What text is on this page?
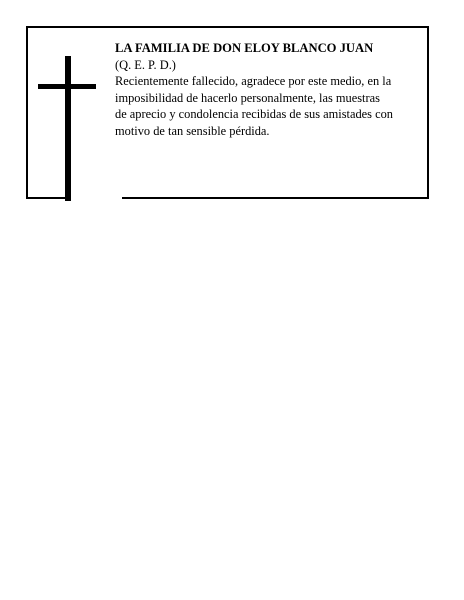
LA FAMILIA DE DON ELOY BLANCO JUAN

(Q. E. P. D.)

Recientemente fallecido, agradece por este medio, en la
imposibilidad de hacerlo personalmente, las muestras
de aprecio y condolencia recibidas de sus amistades con
motivo de tan sensible pérdida.
